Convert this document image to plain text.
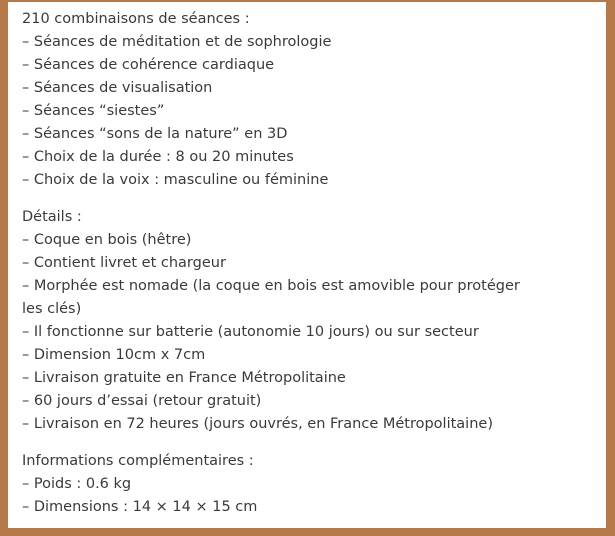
210 combinaisons de séances :
– Séances de méditation et de sophrologie
– Séances de cohérence cardiaque
– Séances de visualisation
– Séances “siestes”
– Séances “sons de la nature” en 3D
– Choix de la durée : 8 ou 20 minutes
– Choix de la voix : masculine ou féminine
Détails :
– Coque en bois (hêtre)
– Contient livret et chargeur
– Morphée est nomade (la coque en bois est amovible pour protéger les clés)
– Il fonctionne sur batterie (autonomie 10 jours) ou sur secteur
– Dimension 10cm x 7cm
– Livraison gratuite en France Métropolitaine
– 60 jours d’essai (retour gratuit)
– Livraison en 72 heures (jours ouvrés, en France Métropolitaine)
Informations complémentaires :
– Poids : 0.6 kg
– Dimensions : 14 × 14 × 15 cm
